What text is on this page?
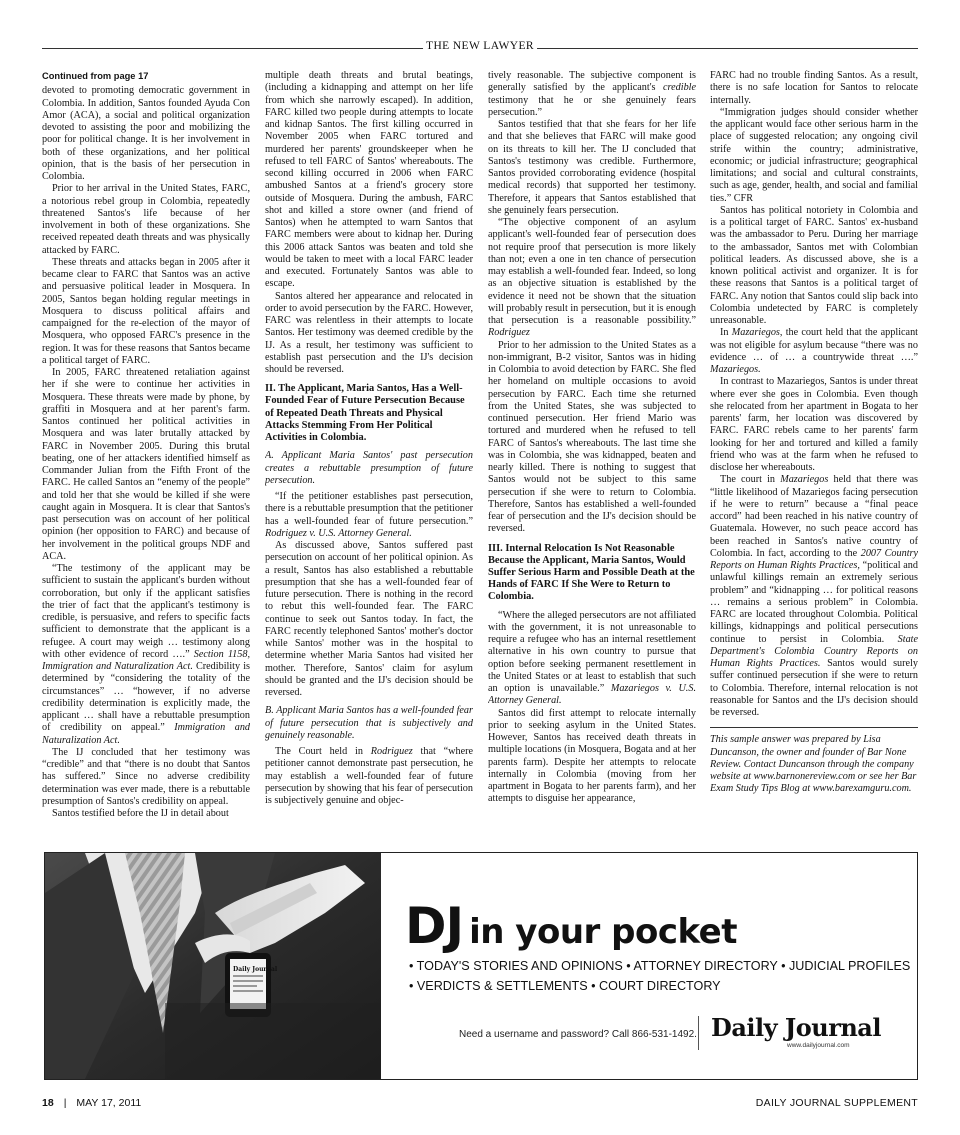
THE NEW LAWYER

Continued from page 17

devoted to promoting democratic government in Colombia. In addition, Santos founded Ayuda Con Amor (ACA), a social and political organization devoted to assisting the poor and mobilizing the poor for political change. It is her involvement in both of these organizations, and her political opinion, that is the basis of her persecution in Colombia.

Prior to her arrival in the United States, FARC, a notorious rebel group in Colombia, repeatedly threatened Santos's life because of her involvement in both of these organizations. She received repeated death threats and was physically attacked by FARC.

These threats and attacks began in 2005 after it became clear to FARC that Santos was an active and persuasive political leader in Mosquera. In 2005, Santos began holding regular meetings in Mosquera to discuss political affairs and campaigned for the re-election of the mayor of Mosquera, who opposed FARC's presence in the region. It was for these reasons that Santos became a political target of FARC.

In 2005, FARC threatened retaliation against her if she were to continue her activities in Mosquera. These threats were made by phone, by graffiti in Mosquera and at her parent's farm. Santos continued her political activities in Mosquera and was later brutally attacked by FARC in November 2005. During this brutal beating, one of her attackers identified himself as Commander Julian from the Fifth Front of the FARC. He called Santos an “enemy of the people” and told her that she would be killed if she were caught again in Mosquera. It is clear that Santos's past persecution was on account of her political opinion (her opposition to FARC) and because of her involvement in the political groups NDF and ACA.

“The testimony of the applicant may be sufficient to sustain the applicant's burden without corroboration, but only if the applicant satisfies the trier of fact that the applicant's testimony is credible, is persuasive, and refers to specific facts sufficient to demonstrate that the applicant is a refugee. A court may weigh … testimony along with other evidence of record ….” Section 1158, Immigration and Naturalization Act. Credibility is determined by “considering the totality of the circumstances” … “however, if no adverse credibility determination is explicitly made, the applicant … shall have a rebuttable presumption of credibility on appeal.” Immigration and Naturalization Act.

The IJ concluded that her testimony was “credible” and that “there is no doubt that Santos has suffered.” Since no adverse credibility determination was ever made, there is a rebuttable presumption of Santos's credibility on appeal.

Santos testified before the IJ in detail about

multiple death threats and brutal beatings, (including a kidnapping and attempt on her life from which she narrowly escaped). In addition, FARC killed two people during attempts to locate and kidnap Santos. The first killing occurred in November 2005 when FARC tortured and murdered her parents' groundskeeper when he refused to tell FARC of Santos' whereabouts. The second killing occurred in 2006 when FARC ambushed Santos at a friend's grocery store outside of Mosquera. During the ambush, FARC shot and killed a store owner (and friend of Santos) when he attempted to warn Santos that FARC members were about to kidnap her. During this 2006 attack Santos was beaten and told she would be taken to meet with a local FARC leader and executed. Fortunately Santos was able to escape.

Santos altered her appearance and relocated in order to avoid persecution by the FARC. However, FARC was relentless in their attempts to locate Santos. Her testimony was deemed credible by the IJ. As a result, her testimony was sufficient to establish past persecution and the IJ's decision should be reversed.

II. The Applicant, Maria Santos, Has a Well-Founded Fear of Future Persecution Because of Repeated Death Threats and Physical Attacks Stemming From Her Political Activities in Colombia.

A. Applicant Maria Santos' past persecution creates a rebuttable presumption of future persecution.

“If the petitioner establishes past persecution, there is a rebuttable presumption that the petitioner has a well-founded fear of future persecution.” Rodriguez v. U.S. Attorney General.

As discussed above, Santos suffered past persecution on account of her political opinion. As a result, Santos has also established a rebuttable presumption that she has a well-founded fear of future persecution. There is nothing in the record to rebut this well-founded fear. The FARC continue to seek out Santos today. In fact, the FARC recently telephoned Santos' mother's doctor while Santos' mother was in the hospital to determine whether Maria Santos had visited her mother. Therefore, Santos' claim for asylum should be granted and the IJ's decision should be reversed.

B. Applicant Maria Santos has a well-founded fear of future persecution that is subjectively and genuinely reasonable.

The Court held in Rodriguez that “where petitioner cannot demonstrate past persecution, he may establish a well-founded fear of future persecution by showing that his fear of persecution is subjectively genuine and objec-

tively reasonable. The subjective component is generally satisfied by the applicant's credible testimony that he or she genuinely fears persecution.”

Santos testified that that she fears for her life and that she believes that FARC will make good on its threats to kill her. The IJ concluded that Santos's testimony was credible. Furthermore, Santos provided corroborating evidence (hospital medical records) that supported her testimony. Therefore, it appears that Santos established that she genuinely fears persecution.

“The objective component of an asylum applicant's well-founded fear of persecution does not require proof that persecution is more likely than not; even a one in ten chance of persecution may establish a well-founded fear. Indeed, so long as an objective situation is established by the evidence it need not be shown that the situation will probably result in persecution, but it is enough that persecution is a reasonable possibility.” Rodriguez

Prior to her admission to the United States as a non-immigrant, B-2 visitor, Santos was in hiding in Colombia to avoid detection by FARC. She fled her homeland on multiple occasions to avoid persecution by FARC. Each time she returned from the United States, she was subjected to continued persecution. Her friend Mario was tortured and murdered when he refused to tell FARC of Santos's whereabouts. The last time she was in Colombia, she was kidnapped, beaten and nearly killed. There is nothing to suggest that Santos would not be subject to this same persecution if she were to return to Colombia. Therefore, Santos has established a well-founded fear of persecution and the IJ's decision should be reversed.

III. Internal Relocation Is Not Reasonable Because the Applicant, Maria Santos, Would Suffer Serious Harm and Possible Death at the Hands of FARC If She Were to Return to Colombia.

“Where the alleged persecutors are not affiliated with the government, it is not unreasonable to require a refugee who has an internal resettlement alternative in his own country to pursue that option before seeking permanent resettlement in the United States or at least to establish that such an option is unavailable.” Mazariegos v. U.S. Attorney General.

Santos did first attempt to relocate internally prior to seeking asylum in the United States. However, Santos has received death threats in multiple locations (in Mosquera, Bogata and at her parents farm). Despite her attempts to relocate internally in Colombia (moving from her apartment in Bogata to her parents farm), and her attempts to disguise her appearance,

FARC had no trouble finding Santos. As a result, there is no safe location for Santos to relocate internally.

“Immigration judges should consider whether the applicant would face other serious harm in the place of suggested relocation; any ongoing civil strife within the country; administrative, economic; or judicial infrastructure; geographical limitations; and social and cultural constraints, such as age, gender, health, and social and familial ties.” CFR

Santos has political notoriety in Colombia and is a political target of FARC. Santos' ex-husband was the ambassador to Peru. During her marriage to the ambassador, Santos met with Colombian political leaders. As discussed above, she is a known political activist and organizer. It is for these reasons that Santos is a political target of FARC. Any notion that Santos could slip back into Colombia undetected by FARC is completely unreasonable.

In Mazariegos, the court held that the applicant was not eligible for asylum because “there was no evidence … of … a countrywide threat ….” Mazariegos.

In contrast to Mazariegos, Santos is under threat where ever she goes in Colombia. Even though she relocated from her apartment in Bogata to her parents' farm, her location was discovered by FARC. FARC rebels came to her parents' farm looking for her and tortured and killed a family friend who was at the farm when he refused to disclose her whereabouts.

The court in Mazariegos held that there was “little likelihood of Mazariegos facing persecution if he were to return” because a “final peace accord” had been reached in his native country of Guatemala. However, no such peace accord has been reached in Santos's native country of Colombia. In fact, according to the 2007 Country Reports on Human Rights Practices, “political and unlawful killings remain an extremely serious problem” and “kidnapping … for political reasons … remains a serious problem” in Colombia. FARC are located throughout Colombia. Political killings, kidnappings and political persecutions continue to persist in Colombia. State Department's Colombia Country Reports on Human Rights Practices. Santos would surely suffer continued persecution if she were to return to Colombia. Therefore, internal relocation is not reasonable for Santos and the IJ's decision should be reversed.

This sample answer was prepared by Lisa Duncanson, the owner and founder of Bar None Review. Contact Duncanson through the company website at www.barnonereview.com or see her Bar Exam Study Tips Blog at www.barexamguru.com.

Daily Journal
DJ in your pocket
• TODAY'S STORIES AND OPINIONS • ATTORNEY DIRECTORY • JUDICIAL PROFILES
• VERDICTS & SETTLEMENTS • COURT DIRECTORY
Need a username and password? Call 866-531-1492. Daily Journal
www.dailyjournal.com
18 | MAY 17, 2011	DAILY JOURNAL SUPPLEMENT
